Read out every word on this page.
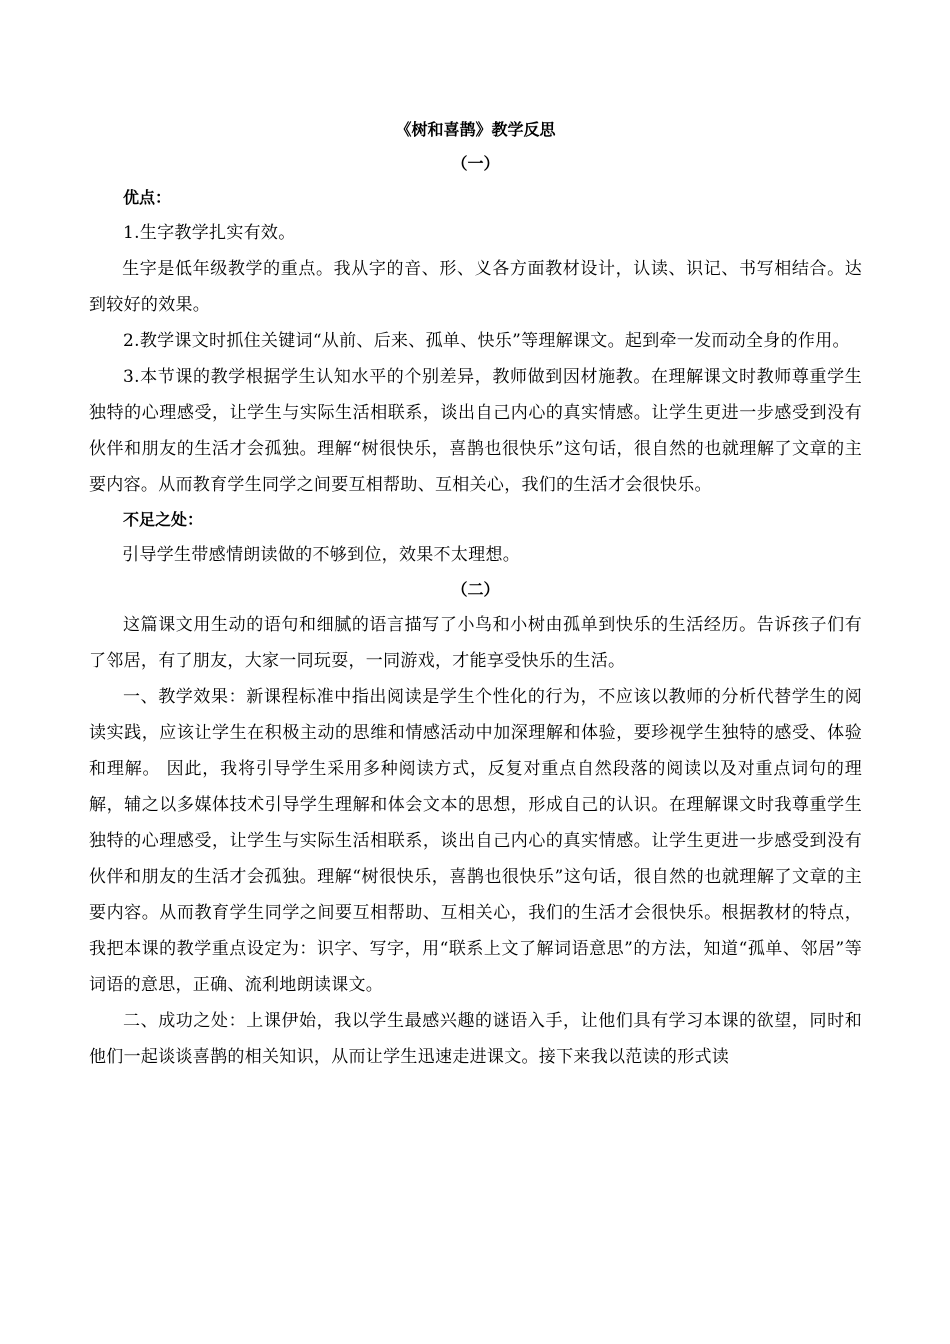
《树和喜鹊》教学反思
（一）
优点：

1.生字教学扎实有效。

生字是低年级教学的重点。我从字的音、形、义各方面教材设计，认读、识记、书写相结合。达到较好的效果。

2.教学课文时抓住关键词“从前、后来、孤单、快乐”等理解课文。起到牵一发而动全身的作用。

3.本节课的教学根据学生认知水平的个别差异，教师做到因材施教。在理解课文时教师尊重学生独特的心理感受，让学生与实际生活相联系，谈出自己内心的真实情感。让学生更进一步感受到没有伙伴和朋友的生活才会孤独。理解“树很快乐，喜鹊也很快乐”这句话，很自然的也就理解了文章的主要内容。从而教育学生同学之间要互相帮助、互相关心，我们的生活才会很快乐。

不足之处：

引导学生带感情朗读做的不够到位，效果不太理想。

（二）

这篇课文用生动的语句和细腻的语言描写了小鸟和小树由孤单到快乐的生活经历。告诉孩子们有了邻居，有了朋友，大家一同玩耍，一同游戏，才能享受快乐的生活。

一、教学效果：新课程标准中指出阅读是学生个性化的行为，不应该以教师的分析代替学生的阅读实践，应该让学生在积极主动的思维和情感活动中加深理解和体验，要珍视学生独特的感受、体验和理解。 因此，我将引导学生采用多种阅读方式，反复对重点自然段落的阅读以及对重点词句的理解，辅之以多媒体技术引导学生理解和体会文本的思想，形成自己的认识。在理解课文时我尊重学生独特的心理感受，让学生与实际生活相联系，谈出自己内心的真实情感。让学生更进一步感受到没有伙伴和朋友的生活才会孤独。理解“树很快乐，喜鹊也很快乐”这句话，很自然的也就理解了文章的主要内容。从而教育学生同学之间要互相帮助、互相关心，我们的生活才会很快乐。根据教材的特点，我把本课的教学重点设定为：识字、写字，用“联系上文了解词语意思”的方法，知道“孤单、邻居”等词语的意思，正确、流利地朗读课文。

二、成功之处：上课伊始，我以学生最感兴趣的谜语入手，让他们具有学习本课的欲望，同时和他们一起谈谈喜鹊的相关知识，从而让学生迅速走进课文。接下来我以范读的形式读
